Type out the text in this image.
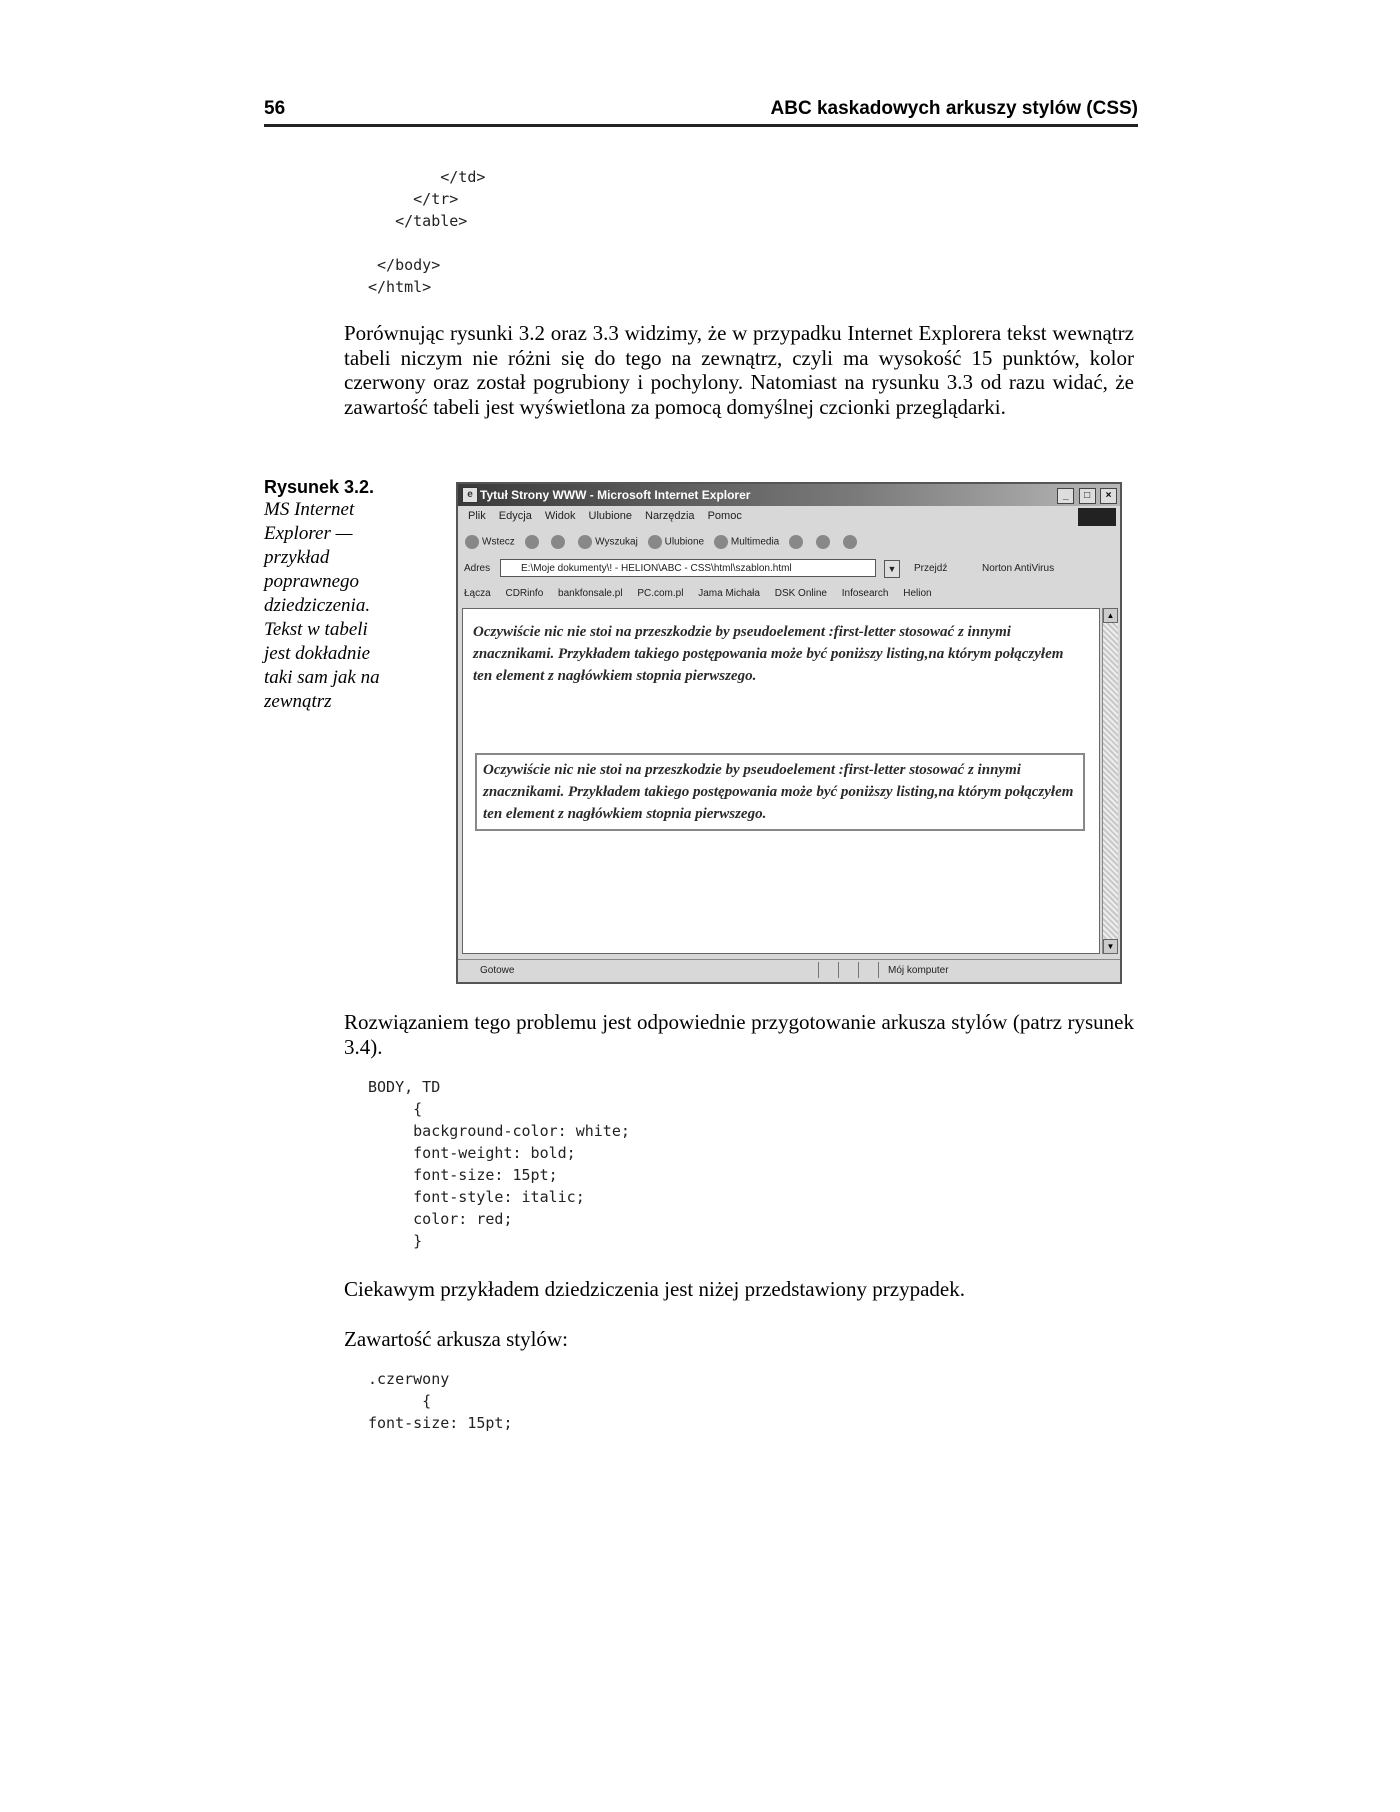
56	ABC kaskadowych arkuszy stylów (CSS)
</td>
</tr>
</table>

</body>
</html>

Porównując rysunki 3.2 oraz 3.3 widzimy, że w przypadku Internet Explorera tekst wewnątrz tabeli niczym nie różni się do tego na zewnątrz, czyli ma wysokość 15 punktów, kolor czerwony oraz został pogrubiony i pochylony. Natomiast na rysunku 3.3 od razu widać, że zawartość tabeli jest wyświetlona za pomocą domyślnej czcionki przeglądarki.

Rysunek 3.2.
MS Internet Explorer — przykład poprawnego dziedziczenia. Tekst w tabeli jest dokładnie taki sam jak na zewnątrz
e Tytuł Strony WWW - Microsoft Internet Explorer	_ □ ×
Plik Edycja Widok Ulubione Narzędzia Pomoc
Wstecz	Wyszukaj	Ulubione	Multimedia
Adres	E:\Moje dokumenty\! - HELION\ABC - CSS\html\szablon.html	▼	Przejdź	Norton AntiVirus
Łącza CDRinfo bankfonsale.pl PC.com.pl Jama Michała DSK Online Infosearch Helion

Oczywiście nic nie stoi na przeszkodzie by pseudoelement :first-letter stosować z innymi znacznikami. Przykładem takiego postępowania może być poniższy listing,na którym połączyłem ten element z nagłówkiem stopnia pierwszego.

Oczywiście nic nie stoi na przeszkodzie by pseudoelement :first-letter stosować z innymi znacznikami. Przykładem takiego postępowania może być poniższy listing,na którym połączyłem ten element z nagłówkiem stopnia pierwszego.

▲
▼
Gotowe	Mój komputer

Rozwiązaniem tego problemu jest odpowiednie przygotowanie arkusza stylów (patrz rysunek 3.4).

BODY, TD
{
background-color: white;
font-weight: bold;
font-size: 15pt;
font-style: italic;
color: red;
}

Ciekawym przykładem dziedziczenia jest niżej przedstawiony przypadek.

Zawartość arkusza stylów:

.czerwony
{
font-size: 15pt;
